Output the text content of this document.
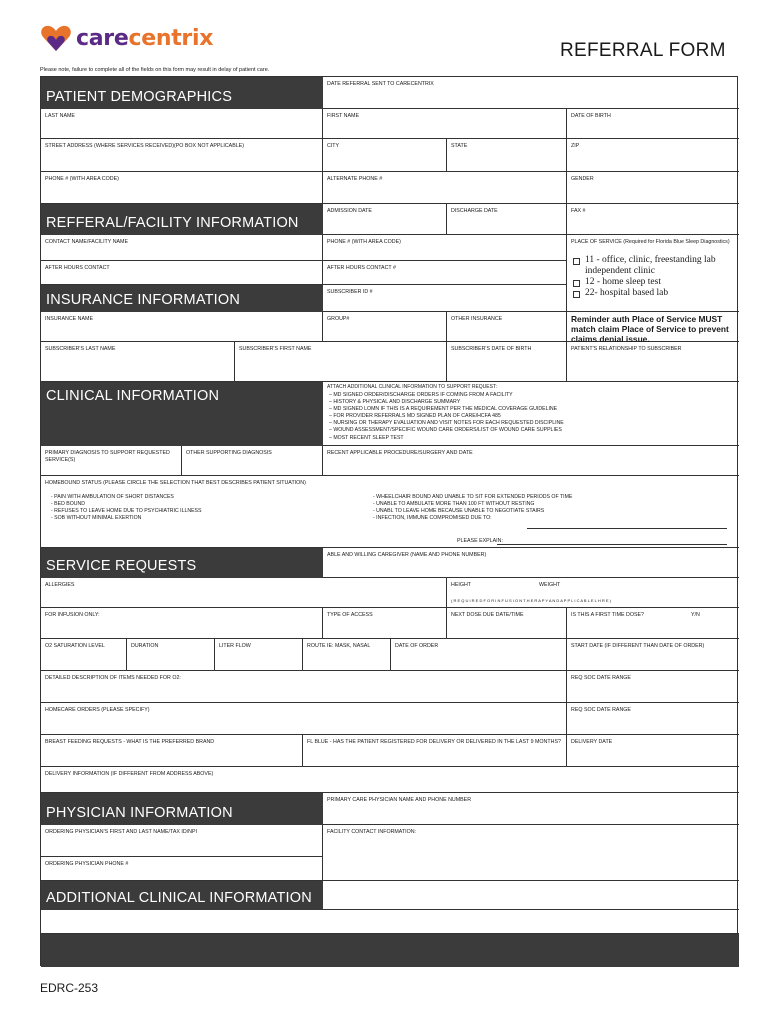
carecentrix	REFERRAL FORM
Please note, failure to complete all of the fields on this form may result in delay of patient care.
PATIENT DEMOGRAPHICS
DATE REFERRAL SENT TO CARECENTRIX
LAST NAME	FIRST NAME	DATE OF BIRTH
STREET ADDRESS (WHERE SERVICES RECEIVED)(PO BOX NOT APPLICABLE)	CITY	STATE	ZIP
PHONE # (WITH AREA CODE)	ALTERNATE PHONE #	GENDER
REFFERAL/FACILITY INFORMATION
ADMISSION DATE	DISCHARGE DATE	FAX #
CONTACT NAME/FACILITY NAME	PHONE # (WITH AREA CODE)	PLACE OF SERVICE (Required for Florida Blue Sleep Diagnostics)
11 - office, clinic, freestanding lab independent clinic
12 - home sleep test
22- hospital based lab
AFTER HOURS CONTACT	AFTER HOURS CONTACT #
INSURANCE INFORMATION	SUBSCRIBER ID #
INSURANCE NAME	GROUP#	OTHER INSURANCE	Reminder auth Place of Service MUST match claim Place of Service to prevent claims denial issue.
SUBSCRIBER'S LAST NAME	SUBSCRIBER'S FIRST NAME	SUBSCRIBER'S DATE OF BIRTH	PATIENT'S RELATIONSHIP TO SUBSCRIBER
CLINICAL INFORMATION
ATTACH ADDITIONAL CLINICAL INFORMATION TO SUPPORT REQUEST:
– MD SIGNED ORDER/DISCHARGE ORDERS IF COMING FROM A FACILITY
– HISTORY & PHYSICAL AND DISCHARGE SUMMARY
– MD SIGNED LOMN IF THIS IS A REQUIREMENT PER THE MEDICAL COVERAGE GUIDELINE
– FOR PROVIDER REFERRALS MD SIGNED PLAN OF CARE/HCFA 485
– NURSING OR THERAPY EVALUATION AND VISIT NOTES FOR EACH REQUESTED DISCIPLINE
– WOUND ASSESSMENT/SPECIFIC WOUND CARE ORDERS/LIST OF WOUND CARE SUPPLIES
– MOST RECENT SLEEP TEST
PRIMARY DIAGNOSIS TO SUPPORT REQUESTED SERVICE(S)
OTHER SUPPORTING DIAGNOSIS	RECENT APPLICABLE PROCEDURE/SURGERY AND DATE
HOMEBOUND STATUS (PLEASE CIRCLE THE SELECTION THAT BEST DESCRIBES PATIENT SITUATION)
- PAIN WITH AMBULATION OF SHORT DISTANCES
- BED BOUND
- REFUSES TO LEAVE HOME DUE TO PSYCHIATRIC ILLNESS
- SOB WITHOUT MINIMAL EXERTION
- WHEELCHAIR BOUND AND UNABLE TO SIT FOR EXTENDED PERIODS OF TIME
- UNABLE TO AMBULATE MORE THAN 100 FT WITHOUT RESTING
- UNABL TO LEAVE HOME BECAUSE UNABLE TO NEGOTIATE STAIRS
- INFECTION, IMMUNE COMPROMISED DUE TO:
PLEASE EXPLAIN:
SERVICE REQUESTS
ABLE AND WILLING CAREGIVER (NAME AND PHONE NUMBER)
ALLERGIES	HEIGHT	WEIGHT
( R E Q U I R E D F O R I N F U S I O N T H E R A P Y A N D A P P L I C A B L E L H R E )
FOR INFUSION ONLY:	TYPE OF ACCESS	NEXT DOSE DUE DATE/TIME	IS THIS A FIRST TIME DOSE?	Y/N
O2 SATURATION LEVEL	DURATION	LITER FLOW	ROUTE IE: MASK, NASAL	DATE OF ORDER	START DATE (IF DIFFERENT THAN DATE OF ORDER)
DETAILED DESCRIPTION OF ITEMS NEEDED FOR O2:	REQ SOC DATE RANGE
HOMECARE ORDERS (PLEASE SPECIFY)	REQ SOC DATE RANGE
BREAST FEEDING REQUESTS - WHAT IS THE PREFERRED BRAND	FL BLUE - HAS THE PATIENT REGISTERED FOR DELIVERY OR DELIVERED IN THE LAST 9 MONTHS?	DELIVERY DATE
DELIVERY INFORMATION (IF DIFFERENT FROM ADDRESS ABOVE)
PHYSICIAN INFORMATION
PRIMARY CARE PHYSICIAN NAME AND PHONE NUMBER
ORDERING PHYSICIAN'S FIRST AND LAST NAME/TAX ID/NPI	FACILITY CONTACT INFORMATION:
ORDERING PHYSICIAN PHONE #
ADDITIONAL CLINICAL INFORMATION
EDRC-253
